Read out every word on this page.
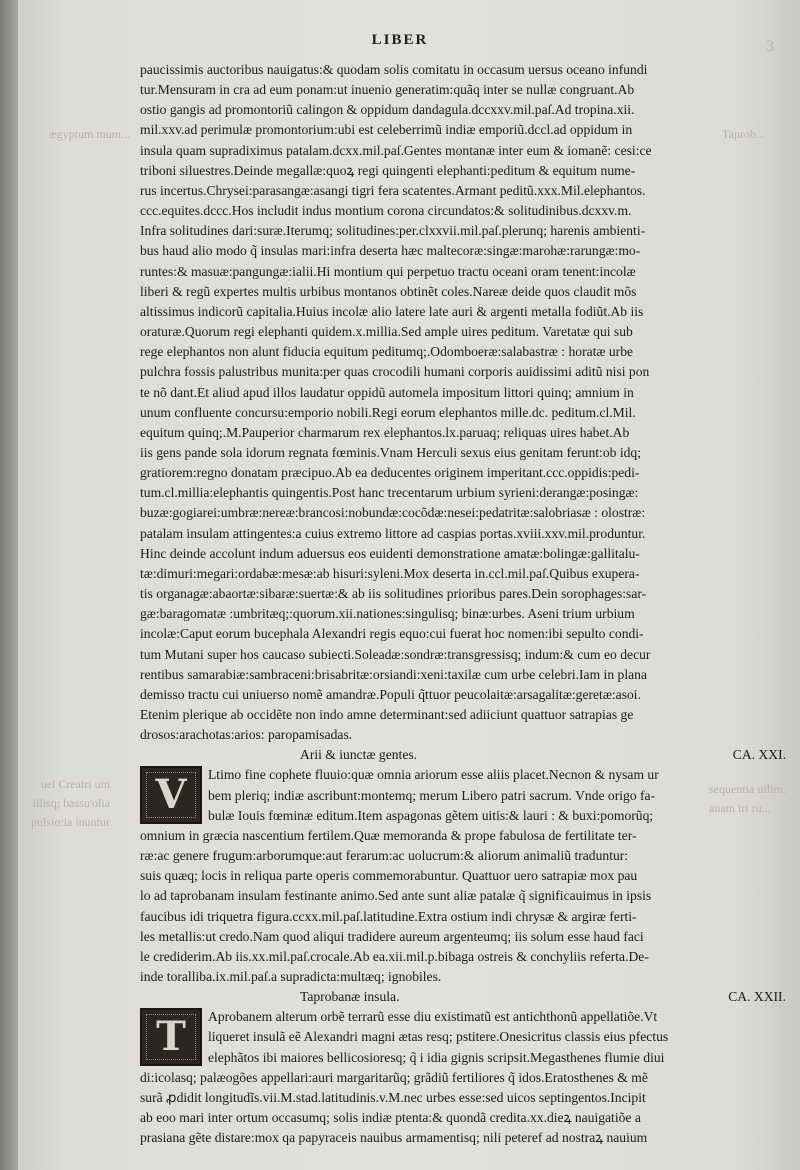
ægyptum mum...	Taprob...
uel Creatri um illisq; bassu'olia pulsio:ia inuntur
sequentia uilim: anam iri ru...
LIBER	3
paucissimis auctoribus nauigatus:& quodam solis comitatu in occasum uersus oceano infundi
tur.Mensuram in cra ad eum ponam:ut inuenio generatim:quãq inter se nullæ congruant.Ab
ostio gangis ad promontoriũ calingon & oppidum dandagula.dccxxv.mil.paſ.Ad tropina.xii.
mil.xxv.ad perimulæ promontorium:ubi est celeberrimũ indiæ emporiũ.dccl.ad oppidum in
insula quam supradiximus patalam.dcxx.mil.paſ.Gentes montanæ inter eum & iomanẽ: cesi:ce
triboni siluestres.Deinde megallæ:quoꝝ regi quingenti elephanti:peditum & equitum nume-
rus incertus.Chrysei:parasangæ:asangi tigri fera scatentes.Armant peditũ.xxx.Mil.elephantos.
ccc.equites.dccc.Hos includit indus montium corona circundatos:& solitudinibus.dcxxv.m.
Infra solitudines dari:suræ.Iterumq; solitudines:per.clxxvii.mil.paſ.plerunq; harenis ambienti-
bus haud alio modo q̃ insulas mari:infra deserta hæc maltecoræ:singæ:marohæ:rarungæ:mo-
runtes:& masuæ:pangungæ:ialii.Hi montium qui perpetuo tractu oceani oram tenent:incolæ
liberi & regũ expertes multis urbibus montanos obtinẽt coles.Nareæ deide quos claudit mõs
altissimus indicorũ capitalia.Huius incolæ alio latere late auri & argenti metalla fodiũt.Ab iis
oraturæ.Quorum regi elephanti quidem.x.millia.Sed ample uires peditum. Varetatæ qui sub
rege elephantos non alunt fiducia equitum peditumq;.Odomboeræ:salabastræ : horatæ urbe
pulchra fossis palustribus munita:per quas crocodili humani corporis auidissimi aditũ nisi pon
te nõ dant.Et aliud apud illos laudatur oppidũ automela impositum littori quinq; amnium in
unum confluente concursu:emporio nobili.Regi eorum elephantos mille.dc. peditum.cl.Mil.
equitum quinq;.M.Pauperior charmarum rex elephantos.lx.paruaq; reliquas uires habet.Ab
iis gens pande sola idorum regnata fœminis.Vnam Herculi sexus eius genitam ferunt:ob idq;
gratiorem:regno donatam præcipuo.Ab ea deducentes originem imperitant.ccc.oppidis:pedi-
tum.cl.millia:elephantis quingentis.Post hanc trecentarum urbium syrieni:derangæ:posingæ:
buzæ:gogiarei:umbræ:nereæ:brancosi:nobundæ:cocõdæ:nesei:pedatritæ:salobriasæ : olostræ:
patalam insulam attingentes:a cuius extremo littore ad caspias portas.xviii.xxv.mil.produntur.
Hinc deinde accolunt indum aduersus eos euidenti demonstratione amatæ:bolingæ:gallitalu-
tæ:dimuri:megari:ordabæ:mesæ:ab hisuri:syleni.Mox deserta in.ccl.mil.paſ.Quibus exupera-
tis organagæ:abaortæ:sibaræ:suertæ:& ab iis solitudines prioribus pares.Dein sorophages:sar-
gæ:baragomatæ :umbritæq;:quorum.xii.nationes:singulisq; binæ:urbes. Aseni trium urbium
incolæ:Caput eorum bucephala Alexandri regis equo:cui fuerat hoc nomen:ibi sepulto condi-
tum Mutani super hos caucaso subiecti.Soleadæ:sondræ:transgressisq; indum:& cum eo decur
rentibus samarabiæ:sambraceni:brisabritæ:orsiandi:xeni:taxilæ cum urbe celebri.Iam in plana
demisso tractu cui uniuerso nomẽ amandræ.Populi q̃ttuor peucolaitæ:arsagalitæ:geretæ:asoi.
Etenim plerique ab occidẽte non indo amne determinant:sed adiiciunt quattuor satrapias ge
drosos:arachotas:arios: paropamisadas.
Arii & iunctæ gentes.	CA. XXI.
V	Ltimo fine cophete fluuio:quæ omnia ariorum esse aliis placet.Necnon & nysam ur
bem pleriq; indiæ ascribunt:montemq; merum Libero patri sacrum. Vnde origo fa-
bulæ Iouis fœminæ editum.Item aspagonas gẽtem uitis:& lauri : & buxi:pomorũq;
omnium in græcia nascentium fertilem.Quæ memoranda & prope fabulosa de fertilitate ter-
ræ:ac genere frugum:arborumque:aut ferarum:ac uolucrum:& aliorum animaliũ traduntur:
suis quæq; locis in reliqua parte operis commemorabuntur. Quattuor uero satrapiæ mox pau
lo ad taprobanam insulam festinante animo.Sed ante sunt aliæ patalæ q̃ significauimus in ipsis
faucibus idi triquetra figura.ccxx.mil.paſ.latitudine.Extra ostium indi chrysæ & argiræ ferti-
les metallis:ut credo.Nam quod aliqui tradidere aureum argenteumq; iis solum esse haud faci
le crediderim.Ab iis.xx.mil.paſ.crocale.Ab ea.xii.mil.p.bibaga ostreis & conchyliis referta.De-
inde toralliba.ix.mil.paſ.a supradicta:multæq; ignobiles.
Taprobanæ insula.	CA. XXII.
T	Aprobanem alterum orbẽ terrarũ esse diu existimatũ est antichthonũ appellatiõe.Vt
liqueret insulã eẽ Alexandri magni ætas resq; pstitere.Onesicritus classis eius pfectus
elephãtos ibi maiores bellicosioresq; q̃ i idia gignis scripsit.Megasthenes flumie diui
di:icolasq; palæogões appellari:auri margaritarũq; grãdiũ fertiliores q̃ idos.Eratosthenes & mẽ
surã ꝓdidit longitudĩs.vii.M.stad.latitudinis.v.M.nec urbes esse:sed uicos septingentos.Incipit
ab eoo mari inter ortum occasumq; solis indiæ ptenta:& quondã credita.xx.dieꝝ nauigatiõe a
prasiana gẽte distare:mox qa papyraceis nauibus armamentisq; nili peteref ad nostraꝝ nauium
